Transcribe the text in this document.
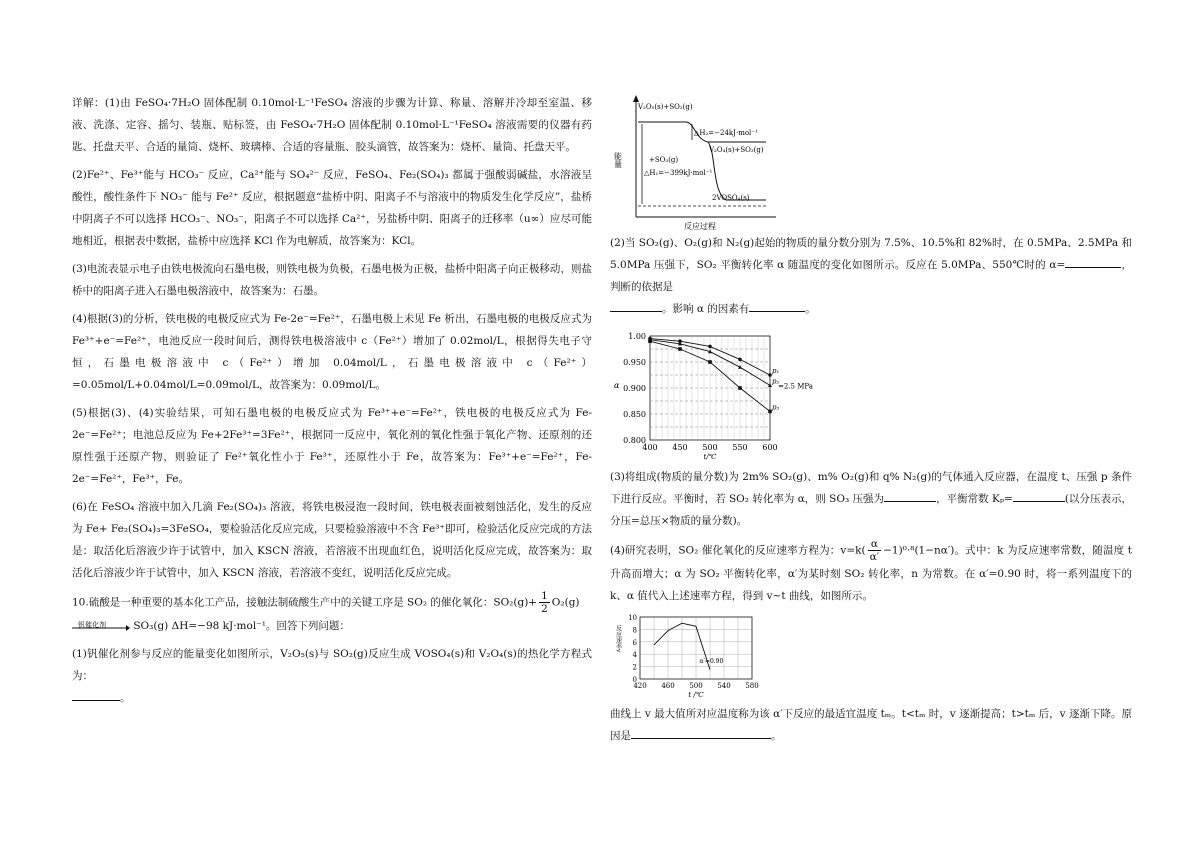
详解：(1)由 FeSO₄·7H₂O 固体配制 0.10mol·L⁻¹FeSO₄ 溶液的步骤为计算、称量、溶解并冷却至室温、移液、洗涤、定容、摇匀、装瓶、贴标签，由 FeSO₄·7H₂O 固体配制 0.10mol·L⁻¹FeSO₄ 溶液需要的仪器有药匙、托盘天平、合适的量筒、烧杯、玻璃棒、合适的容量瓶、胶头滴管，故答案为：烧杯、量筒、托盘天平。

(2)Fe²⁺、Fe³⁺能与 HCO₃⁻ 反应，Ca²⁺能与 SO₄²⁻ 反应，FeSO₄、Fe₂(SO₄)₃ 都属于强酸弱碱盐，水溶液呈酸性，酸性条件下 NO₃⁻ 能与 Fe²⁺ 反应，根据题意“盐桥中阴、阳离子不与溶液中的物质发生化学反应”，盐桥中阴离子不可以选择 HCO₃⁻、NO₃⁻，阳离子不可以选择 Ca²⁺，另盐桥中阴、阳离子的迁移率（u∞）应尽可能地相近，根据表中数据，盐桥中应选择 KCl 作为电解质，故答案为：KCl。

(3)电流表显示电子由铁电极流向石墨电极，则铁电极为负极，石墨电极为正极，盐桥中阳离子向正极移动，则盐桥中的阳离子进入石墨电极溶液中，故答案为：石墨。

(4)根据(3)的分析，铁电极的电极反应式为 Fe-2e⁻=Fe²⁺，石墨电极上未见 Fe 析出，石墨电极的电极反应式为 Fe³⁺+e⁻=Fe²⁺，电池反应一段时间后，测得铁电极溶液中 c（Fe²⁺）增加了 0.02mol/L，根据得失电子守恒，石墨电极溶液中 c（Fe²⁺）增加 0.04mol/L，石墨电极溶液中 c（Fe²⁺）=0.05mol/L+0.04mol/L=0.09mol/L，故答案为：0.09mol/L。

(5)根据(3)、(4)实验结果，可知石墨电极的电极反应式为 Fe³⁺+e⁻=Fe²⁺，铁电极的电极反应式为 Fe-2e⁻=Fe²⁺；电池总反应为 Fe+2Fe³⁺=3Fe²⁺，根据同一反应中，氧化剂的氧化性强于氧化产物、还原剂的还原性强于还原产物，则验证了 Fe²⁺氧化性小于 Fe³⁺，还原性小于 Fe，故答案为：Fe³⁺+e⁻=Fe²⁺，Fe-2e⁻=Fe²⁺，Fe³⁺，Fe。

(6)在 FeSO₄ 溶液中加入几滴 Fe₂(SO₄)₃ 溶液，将铁电极浸泡一段时间，铁电极表面被刻蚀活化，发生的反应为 Fe+ Fe₂(SO₄)₃=3FeSO₄，要检验活化反应完成，只要检验溶液中不含 Fe³⁺即可，检验活化反应完成的方法是：取活化后溶液少许于试管中，加入 KSCN 溶液，若溶液不出现血红色，说明活化反应完成，故答案为：取活化后溶液少许于试管中，加入 KSCN 溶液，若溶液不变红，说明活化反应完成。

10.硫酸是一种重要的基本化工产品，接触法制硫酸生产中的关键工序是 SO₂ 的催化氧化：$SO_2(g)+ \frac{1}{2} O_2(g)$

钒催化剂	SO₃(g) ΔH=−98 kJ·mol⁻¹。回答下列问题：

(1)钒催化剂参与反应的能量变化如图所示，V₂O₅(s)与 SO₂(g)反应生成 VOSO₄(s)和 V₂O₄(s)的热化学方程式为：
。

V₂O₅(s)+SO₂(g)
△H₂=−24kJ·mol⁻¹
V₂O₄(s)+SO₃(g)
+SO₃(g)
△H₁=−399kJ·mol⁻¹
2VOSO₄(s)
能量
反应过程

(2)当 SO₂(g)、O₂(g)和 N₂(g)起始的物质的量分数分别为 7.5%、10.5%和 82%时，在 0.5MPa、2.5MPa 和 5.0MPa 压强下，SO₂ 平衡转化率 α 随温度的变化如图所示。反应在 5.0MPa、550℃时的 α=	，判断的依据是
。影响 α 的因素有	。

1.00
0.950
0.900
0.850
0.800
400 450 500 550 600
t/℃
α
p₁
p₂
p₃
=2.5 MPa

(3)将组成(物质的量分数)为 2m% SO₂(g)、m% O₂(g)和 q% N₂(g)的气体通入反应器，在温度 t、压强 p 条件下进行反应。平衡时，若 SO₂ 转化率为 α，则 SO₃ 压强为	，平衡常数 Kₚ=	(以分压表示，分压=总压×物质的量分数)。

(4)研究表明，SO₂ 催化氧化的反应速率方程为：$v=k( \frac{\alpha}{\alpha'} -1)^0\cdot^8(1-n\alpha')$。式中：k 为反应速率常数，随温度 t 升高而增大；α 为 SO₂ 平衡转化率，α′为某时刻 SO₂ 转化率，n 为常数。在 α′=0.90 时，将一系列温度下的 k、α 值代入上述速率方程，得到 v~t 曲线，如图所示。

10
8
6
4
2
0
420 460 500 540 580
t /℃
反应速率v
α′=0.90

曲线上 v 最大值所对应温度称为该 α′下反应的最适宜温度 tₘ。t<tₘ 时，v 逐渐提高；t>tₘ 后，v 逐渐下降。原因是	。
